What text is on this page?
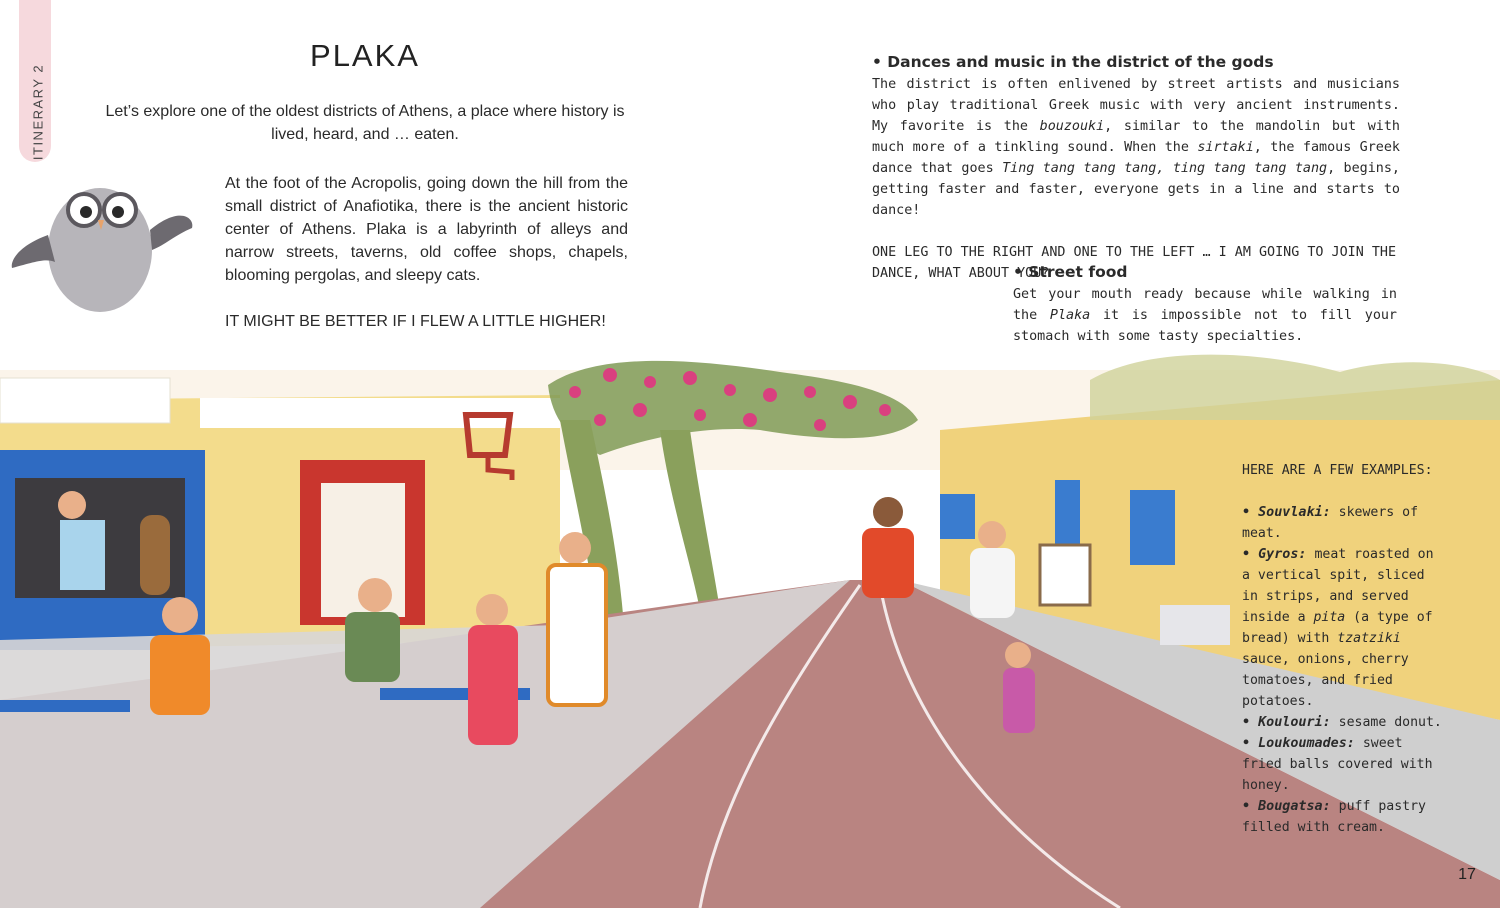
ITINERARY 2
PLAKA
Let’s explore one of the oldest districts of Athens, a place where history is lived, heard, and … eaten.
At the foot of the Acropolis, going down the hill from the small district of Anafiotika, there is the ancient historic center of Athens. Plaka is a labyrinth of alleys and narrow streets, taverns, old coffee shops, chapels, blooming pergolas, and sleepy cats.
IT MIGHT BE BETTER IF I FLEW A LITTLE HIGHER!
• Dances and music in the district of the gods
The district is often enlivened by street artists and musicians who play traditional Greek music with very ancient instruments. My favorite is the bouzouki, similar to the mandolin but with much more of a tinkling sound. When the sirtaki, the famous Greek dance that goes Ting tang tang tang, ting tang tang tang, begins, getting faster and faster, everyone gets in a line and starts to dance!
ONE LEG TO THE RIGHT AND ONE TO THE LEFT … I AM GOING TO JOIN THE DANCE, WHAT ABOUT YOU?
• Street food
Get your mouth ready because while walking in the Plaka it is impossible not to fill your stomach with some tasty specialties.
HERE ARE A FEW EXAMPLES:
• Souvlaki: skewers of meat.
• Gyros: meat roasted on a vertical spit, sliced in strips, and served inside a pita (a type of bread) with tzatziki sauce, onions, cherry tomatoes, and fried potatoes.
• Koulouri: sesame donut.
• Loukoumades: sweet fried balls covered with honey.
• Bougatsa: puff pastry filled with cream.
17
